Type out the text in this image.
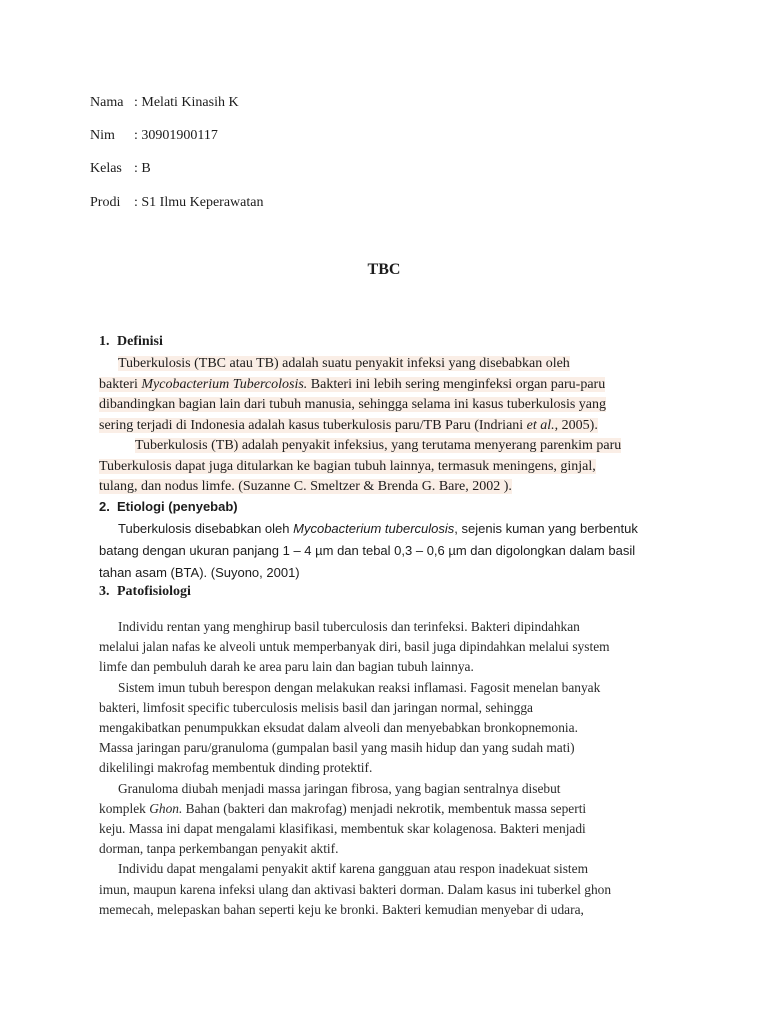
Nama : Melati Kinasih K
Nim : 30901900117
Kelas : B
Prodi : S1 Ilmu Keperawatan
TBC
1. Definisi
Tuberkulosis (TBC atau TB) adalah suatu penyakit infeksi yang disebabkan oleh
bakteri Mycobacterium Tubercolosis. Bakteri ini lebih sering menginfeksi organ paru-paru
dibandingkan bagian lain dari tubuh manusia, sehingga selama ini kasus tuberkulosis yang
sering terjadi di Indonesia adalah kasus tuberkulosis paru/TB Paru (Indriani et al., 2005).
Tuberkulosis (TB) adalah penyakit infeksius, yang terutama menyerang parenkim paru
Tuberkulosis dapat juga ditularkan ke bagian tubuh lainnya, termasuk meningens, ginjal,
tulang, dan nodus limfe. (Suzanne C. Smeltzer & Brenda G. Bare, 2002 ).
2. Etiologi (penyebab)
Tuberkulosis disebabkan oleh Mycobacterium tuberculosis, sejenis kuman yang berbentuk
batang dengan ukuran panjang 1 – 4 µm dan tebal 0,3 – 0,6 µm dan digolongkan dalam basil
tahan asam (BTA). (Suyono, 2001)
3. Patofisiologi
Individu rentan yang menghirup basil tuberculosis dan terinfeksi. Bakteri dipindahkan
melalui jalan nafas ke alveoli untuk memperbanyak diri, basil juga dipindahkan melalui system
limfe dan pembuluh darah ke area paru lain dan bagian tubuh lainnya.
Sistem imun tubuh berespon dengan melakukan reaksi inflamasi. Fagosit menelan banyak
bakteri, limfosit specific tuberculosis melisis basil dan jaringan normal, sehingga
mengakibatkan penumpukkan eksudat dalam alveoli dan menyebabkan bronkopnemonia.
Massa jaringan paru/granuloma (gumpalan basil yang masih hidup dan yang sudah mati)
dikelilingi makrofag membentuk dinding protektif.
Granuloma diubah menjadi massa jaringan fibrosa, yang bagian sentralnya disebut
komplek Ghon. Bahan (bakteri dan makrofag) menjadi nekrotik, membentuk massa seperti
keju. Massa ini dapat mengalami klasifikasi, membentuk skar kolagenosa. Bakteri menjadi
dorman, tanpa perkembangan penyakit aktif.
Individu dapat mengalami penyakit aktif karena gangguan atau respon inadekuat sistem
imun, maupun karena infeksi ulang dan aktivasi bakteri dorman. Dalam kasus ini tuberkel ghon
memecah, melepaskan bahan seperti keju ke bronki. Bakteri kemudian menyebar di udara,
